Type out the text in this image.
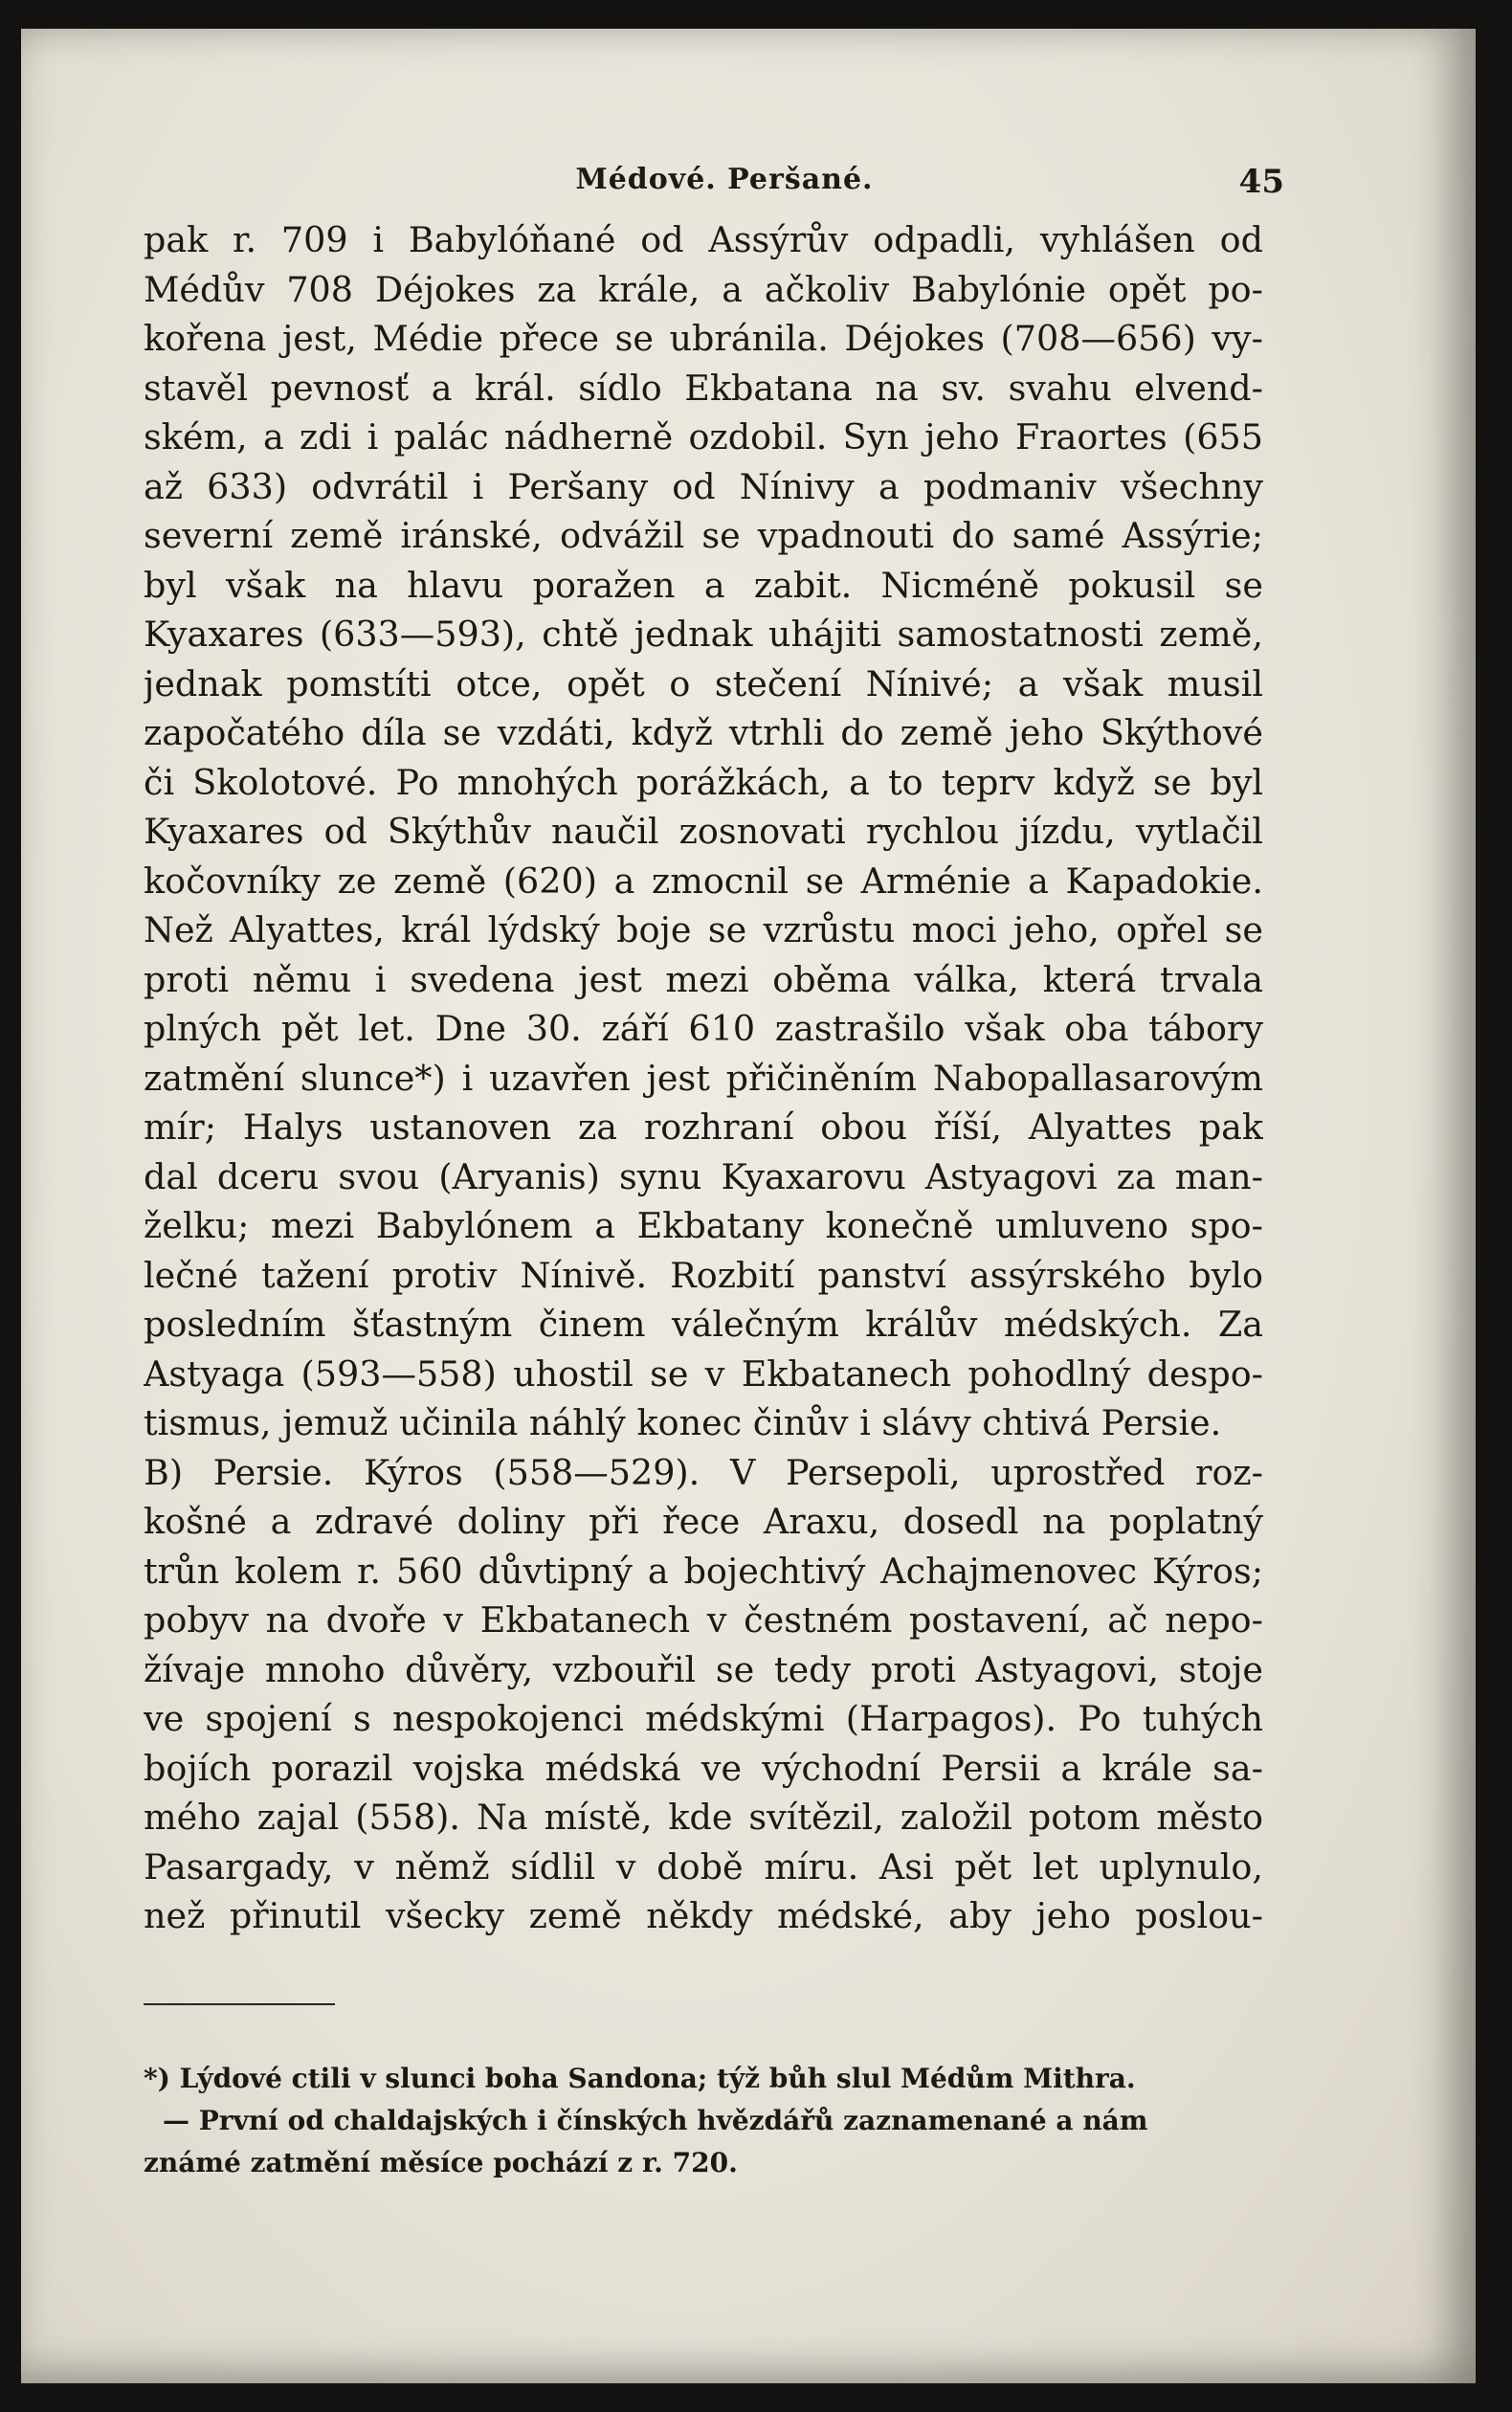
Médové. Peršané.	45
pak r. 709 i Babylóňané od Assýrův odpadli, vyhlášen od
Médův 708 Déjokes za krále, a ačkoliv Babylónie opět po-
kořena jest, Médie přece se ubránila. Déjokes (708—656) vy-
stavěl pevnosť a král. sídlo Ekbatana na sv. svahu elvend-
ském, a zdi i palác nádherně ozdobil. Syn jeho Fraortes (655
až 633) odvrátil i Peršany od Nínivy a podmaniv všechny
severní země iránské, odvážil se vpadnouti do samé Assýrie;
byl však na hlavu poražen a zabit. Nicméně pokusil se
Kyaxares (633—593), chtě jednak uhájiti samostatnosti země,
jednak pomstíti otce, opět o stečení Nínivé; a však musil
započatého díla se vzdáti, když vtrhli do země jeho Skýthové
či Skolotové. Po mnohých porážkách, a to teprv když se byl
Kyaxares od Skýthův naučil zosnovati rychlou jízdu, vytlačil
kočovníky ze země (620) a zmocnil se Arménie a Kapadokie.
Než Alyattes, král lýdský boje se vzrůstu moci jeho, opřel se
proti němu i svedena jest mezi oběma válka, která trvala
plných pět let. Dne 30. září 610 zastrašilo však oba tábory
zatmění slunce*) i uzavřen jest přičiněním Nabopallasarovým
mír; Halys ustanoven za rozhraní obou říší, Alyattes pak
dal dceru svou (Aryanis) synu Kyaxarovu Astyagovi za man-
želku; mezi Babylónem a Ekbatany konečně umluveno spo-
lečné tažení protiv Nínivě. Rozbití panství assýrského bylo
posledním šťastným činem válečným králův médských. Za
Astyaga (593—558) uhostil se v Ekbatanech pohodlný despo-
tismus, jemuž učinila náhlý konec činův i slávy chtivá Persie.
B) Persie. Kýros (558—529). V Persepoli, uprostřed roz-
košné a zdravé doliny při řece Araxu, dosedl na poplatný
trůn kolem r. 560 důvtipný a bojechtivý Achajmenovec Kýros;
pobyv na dvoře v Ekbatanech v čestném postavení, ač nepo-
žívaje mnoho důvěry, vzbouřil se tedy proti Astyagovi, stoje
ve spojení s nespokojenci médskými (Harpagos). Po tuhých
bojích porazil vojska médská ve východní Persii a krále sa-
mého zajal (558). Na místě, kde svítězil, založil potom město
Pasargady, v němž sídlil v době míru. Asi pět let uplynulo,
než přinutil všecky země někdy médské, aby jeho poslou-
*) Lýdové ctili v slunci boha Sandona; týž bůh slul Médům Mithra.
— První od chaldajských i čínských hvězdářů zaznamenané a nám
známé zatmění měsíce pochází z r. 720.
